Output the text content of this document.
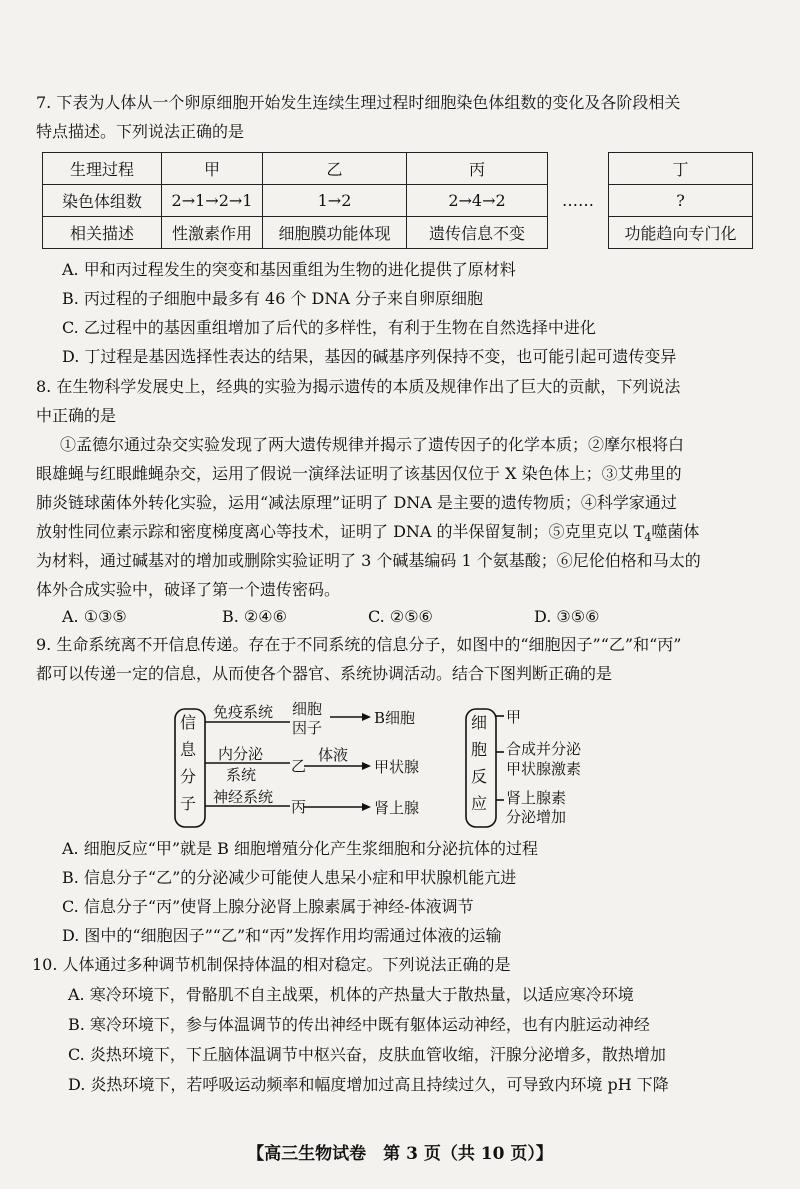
7. 下表为人体从一个卵原细胞开始发生连续生理过程时细胞染色体组数的变化及各阶段相关
特点描述。下列说法正确的是
生理过程	甲	乙	丙	……	丁
染色体组数	2→1→2→1	1→2	2→4→2		?
相关描述	性激素作用	细胞膜功能体现	遗传信息不变		功能趋向专门化
A. 甲和丙过程发生的突变和基因重组为生物的进化提供了原材料
B. 丙过程的子细胞中最多有 46 个 DNA 分子来自卵原细胞
C. 乙过程中的基因重组增加了后代的多样性，有利于生物在自然选择中进化
D. 丁过程是基因选择性表达的结果，基因的碱基序列保持不变，也可能引起可遗传变异
8. 在生物科学发展史上，经典的实验为揭示遗传的本质及规律作出了巨大的贡献，下列说法
中正确的是
①孟德尔通过杂交实验发现了两大遗传规律并揭示了遗传因子的化学本质；②摩尔根将白
眼雄蝇与红眼雌蝇杂交，运用了假说一演绎法证明了该基因仅位于 X 染色体上；③艾弗里的
肺炎链球菌体外转化实验，运用“减法原理”证明了 DNA 是主要的遗传物质；④科学家通过
放射性同位素示踪和密度梯度离心等技术，证明了 DNA 的半保留复制；⑤克里克以 $T_4$噬菌体
为材料，通过碱基对的增加或删除实验证明了 3 个碱基编码 1 个氨基酸；⑥尼伦伯格和马太的
体外合成实验中，破译了第一个遗传密码。
A. ①③⑤	B. ②④⑥	C. ②⑤⑥	D. ③⑤⑥
9. 生命系统离不开信息传递。存在于不同系统的信息分子，如图中的“细胞因子”“乙”和“丙”
都可以传递一定的信息，从而使各个器官、系统协调活动。结合下图判断正确的是
信
息
分
子
细
胞
反
应
免疫系统
内分泌
系统
神经系统
细胞
因子
乙
丙
体液
B细胞
甲状腺
肾上腺
甲
合成并分泌
甲状腺激素
肾上腺素
分泌增加
A. 细胞反应“甲”就是 B 细胞增殖分化产生浆细胞和分泌抗体的过程
B. 信息分子“乙”的分泌减少可能使人患呆小症和甲状腺机能亢进
C. 信息分子“丙”使肾上腺分泌肾上腺素属于神经-体液调节
D. 图中的“细胞因子”“乙”和“丙”发挥作用均需通过体液的运输
10. 人体通过多种调节机制保持体温的相对稳定。下列说法正确的是
A. 寒冷环境下，骨骼肌不自主战栗，机体的产热量大于散热量，以适应寒冷环境
B. 寒冷环境下，参与体温调节的传出神经中既有躯体运动神经，也有内脏运动神经
C. 炎热环境下，下丘脑体温调节中枢兴奋，皮肤血管收缩，汗腺分泌增多，散热增加
D. 炎热环境下，若呼吸运动频率和幅度增加过高且持续过久，可导致内环境 pH 下降
【高三生物试卷　第 3 页（共 10 页）】
